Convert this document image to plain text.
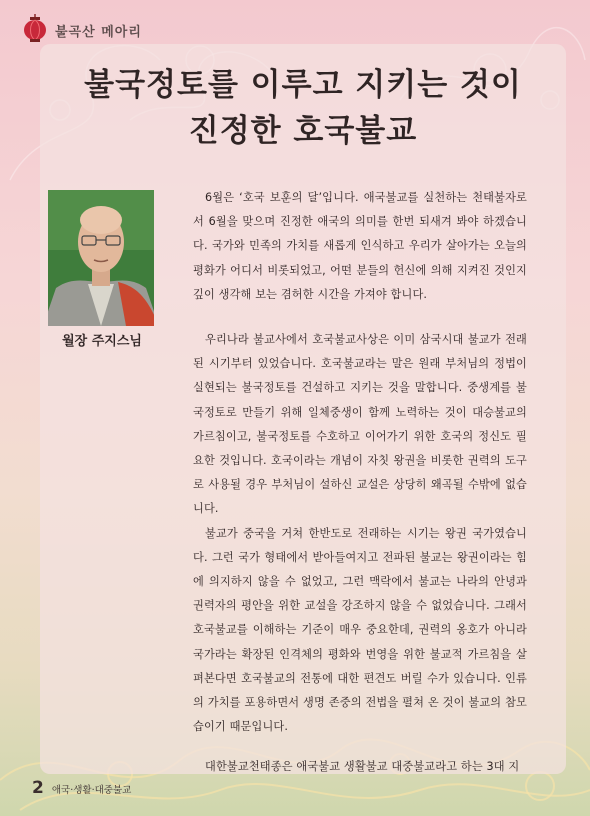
불곡산 메아리
불국정토를 이루고 지키는 것이
진정한 호국불교
월장 주지스님

6월은 ‘호국 보훈의 달’입니다. 애국불교를 실천하는 천태불자로서 6월을 맞으며 진정한 애국의 의미를 한번 되새겨 봐야 하겠습니다. 국가와 민족의 가치를 새롭게 인식하고 우리가 살아가는 오늘의 평화가 어디서 비롯되었고, 어떤 분들의 헌신에 의해 지켜진 것인지 깊이 생각해 보는 겸허한 시간을 가져야 합니다.

우리나라 불교사에서 호국불교사상은 이미 삼국시대 불교가 전래 된 시기부터 있었습니다. 호국불교라는 말은 원래 부처님의 정법이 실현되는 불국정토를 건설하고 지키는 것을 말합니다. 중생계를 불국정토로 만들기 위해 일체중생이 함께 노력하는 것이 대승불교의 가르침이고, 불국정토를 수호하고 이어가기 위한 호국의 정신도 필요한 것입니다. 호국이라는 개념이 자칫 왕권을 비롯한 권력의 도구로 사용될 경우 부처님이 설하신 교설은 상당히 왜곡될 수밖에 없습니다.

불교가 중국을 거쳐 한반도로 전래하는 시기는 왕권 국가였습니다. 그런 국가 형태에서 받아들여지고 전파된 불교는 왕권이라는 힘에 의지하지 않을 수 없었고, 그런 맥락에서 불교는 나라의 안녕과 권력자의 평안을 위한 교설을 강조하지 않을 수 없었습니다. 그래서 호국불교를 이해하는 기준이 매우 중요한데, 권력의 옹호가 아니라 국가라는 확장된 인격체의 평화와 번영을 위한 불교적 가르침을 살펴본다면 호국불교의 전통에 대한 편견도 버릴 수가 있습니다. 인류의 가치를 포용하면서 생명 존중의 전법을 펼쳐 온 것이 불교의 참모습이기 때문입니다.

대한불교천태종은 애국불교 생활불교 대중불교라고 하는 3대 지

2 애국·생활·대중불교
